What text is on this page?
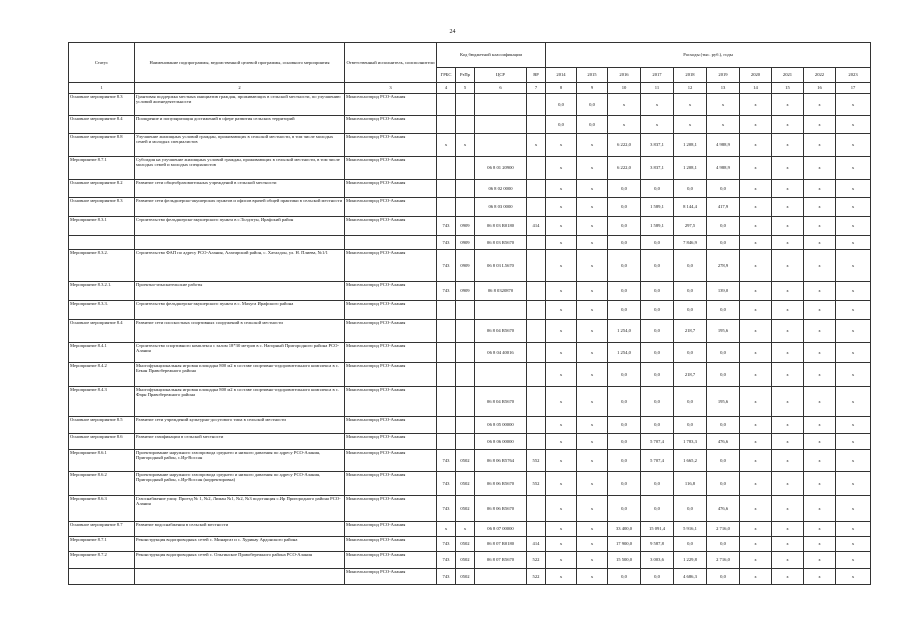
24
Статус	Наименование подпрограммы, ведомственной целевой программы, основного мероприятия	Ответственный исполнитель, соисполнители	Код бюджетной классификации				Расходы (тыс. руб.), годы									
			ГРБС	РзПр	ЦСР	ВР	2014	2015	2016	2017	2018	2019	2020	2021	2022	2023
1	2	3	4	5	6	7	8	9	10	11	12	13	14	15	16	17
Основное мероприятие 8.3	Грантовая поддержка местных инициатив граждан, проживающих в сельской местности, по улучшению условий жизнедеятельности	Минсельхозпрод РСО-Алания					0,0	0,0	х	х	х	х	х	х	х	х
Основное мероприятие 8.4	Поощрение и популяризация достижений в сфере развития сельских территорий	Минсельхозпрод РСО-Алания					0,0	0,0	х	х	х	х	х	х	х	х
Основное мероприятие 8.8	Улучшение жилищных условий граждан, проживающих в сельской местности, в том числе молодых семей и молодых специалистов	Минсельхозпрод РСО-Алания	х	х		х	х	х	6 222,0	3 837,1	1 208,1	4 988,9	х	х	х	х
Мероприятие 8.7.1	Субсидия на улучшение жилищных условий граждан, проживающих в сельской местности, в том числе молодых семей и молодых специалистов	Минсельхозпрод РСО-Алания			06 8 01 20900		х	х	6 222,0	3 837,1	1 208,1	4 988,9	х	х	х	х
Основное мероприятие 8.2	Развитие сети общеобразовательных учреждений в сельской местности	Минсельхозпрод РСО-Алания			06 8 02 0000		х	х	0,0	0,0	0,0	0,0	х	х	х	х
Основное мероприятие 8.3	Развитие сети фельдшерско-акушерских пунктов и офисов врачей общей практики в сельской местности	Минсельхозпрод РСО-Алания			06 8 03 0000		х	х	0,0	1 589,1	8 144,4	417,9	х	х	х	х
Мероприятие 8.3.1	Строительство фельдшерско-акушерского пункта в с.Толдзгун, Ирафский район	Минсельхозпрод РСО-Алания	743	0909	06 8 03 R0180	414	х	х	0,0	1 589,1	297,5	0,0	х	х	х	х
			743	0909	06 8 03 R5670		х	х	0,0	0,0	7 846,9	0,0	х	х	х	х
Мероприятие 8.3.2.	Строительство ФАП по адресу РСО-Алания, Алагирский район, с. Хаталдон, ул. Н. Плиева, №1/1	Минсельхозпрод РСО-Алания	743	0909	06 8 03 L5670		х	х	0,0	0,0	0,0	278,9	х	х	х	х
Мероприятие 8.3.2.1.	Проектно-изыскательские работы	Минсельхозпрод РСО-Алания	743	0909	06 8 0320870		х	х	0,0	0,0	0,0	139,0	х	х	х	х
Мероприятие 8.3.3.	Строительство фельдшерско-акушерского пункта в с. Махуга Ирафского района	Минсельхозпрод РСО-Алания					х	х	0,0	0,0	0,0	0,0	х	х	х	х
Основное мероприятие 8.4	Развитие сети плоскостных спортивных сооружений в сельской местности	Минсельхозпрод РСО-Алания			06 8 04 R5670		х	х	1 254,0	0,0	218,7	195,6	х	х	х	х
Мероприятие 8.4.1	Строительство спортивного комплекса с залом 18*30 метров в с. Нагорный Пригородного района РСО-Алания	Минсельхозпрод РСО-Алания			06 8 04 40016		х	х	1 254,0	0,0	0,0	0,0	х	х	х	х
Мероприятие 8.4.2	Многофункциональная игровая площадка 800 м2 в составе спортивно-оздоровительного комплекса в с. Бекан Правобережного района	Минсельхозпрод РСО-Алания					х	х	0,0	0,0	218,7	0,0	х	х	х	х
Мероприятие 8.4.3	Многофункциональная игровая площадка 800 м2 в составе спортивно-оздоровительного комплекса в с. Фарн Правобережного района	Минсельхозпрод РСО-Алания			06 8 04 R5670		х	х	0,0	0,0	0,0	195,6	х	х	х	х
Основное мероприятие 8.5	Развитие сети учреждений культурно-досугового типа в сельской местности	Минсельхозпрод РСО-Алания			06 8 05 00000		х	х	0,0	0,0	0,0	0,0	х	х	х	х
Основное мероприятие 8.6	Развитие газификации в сельской местности	Минсельхозпрод РСО-Алания			06 8 06 00000		х	х	0,0	5 707,4	1 783,3	476,6	х	х	х	х
Мероприятие 8.6.1	Проектирование наружного газопровода среднего и низкого давления по адресу РСО-Алания, Пригородный район, с.Ир-Воссан	Минсельхозпрод РСО-Алания	743	0502	06 8 06 R5764	552	х	х	0,0	5 707,4	1 665,2	0,0	х	х	х	х
Мероприятие 8.6.2	Проектирование наружного газопровода среднего и низкого давления по адресу РСО-Алания, Пригородный район, с.Ир-Воссан (корректировка)	Минсельхозпрод РСО-Алания	743	0502	06 8 06 R5670	552	х	х	0,0	0,0	116,8	0,0	х	х	х	х
Мероприятие 8.6.3	Газоснабжение улиц: Проезд № 1, №2, Лиман №1, №2, №3 подстанция с.Ир Пригородного района РСО-Алания	Минсельхозпрод РСО-Алания	743	0502	06 8 06 R5670		х	х	0,0	0,0	0,0	476,6	х	х	х	х
Основное мероприятие 8.7	Развитие водоснабжения в сельской местности	Минсельхозпрод РСО-Алания	х	х	06 8 07 00000		х	х	33 400,0	15 091,4	5 916,1	2 716,0	х	х	х	х
Мероприятие 8.7.1	Реконструкция водопроводных сетей с. Минаргаз и с. Хурикау Ардонского района	Минсельхозпрод РСО-Алания	743	0502	06 8 07 R0180	414	х	х	17 900,0	9 587,8	0,0	0,0	х	х	х	х
Мероприятие 8.7.2	Реконструкция водопроводных сетей с. Ольгинское Правобережного района РСО-Алания	Минсельхозпрод РСО-Алания	743	0502	06 8 07 R5670	522	х	х	15 500,0	3 003,6	1 229,8	2 716,0	х	х	х	х
		Минсельхозпрод РСО-Алания	743	0502		522	х	х	0,0	0,0	4 686,3	0,0	х	х	х	х
